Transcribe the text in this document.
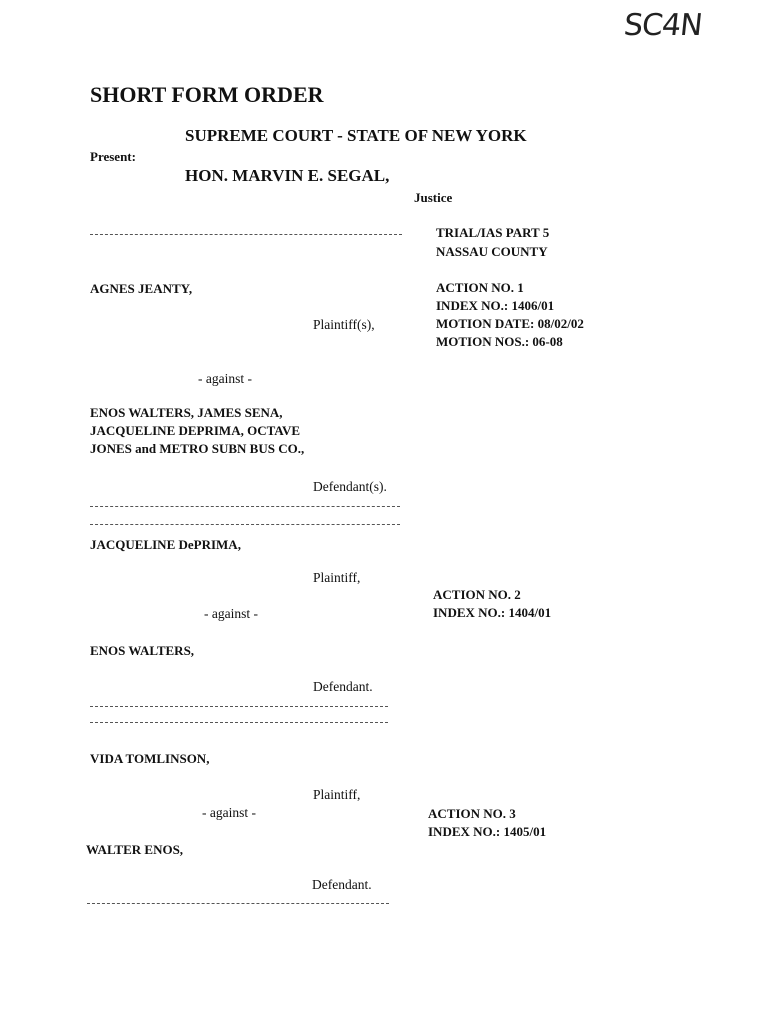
SC4N
SHORT FORM ORDER
SUPREME COURT - STATE OF NEW YORK
Present:
HON. MARVIN E. SEGAL,
Justice
TRIAL/IAS PART 5
NASSAU COUNTY
AGNES JEANTY,
Plaintiff(s),
ACTION NO. 1
INDEX NO.: 1406/01
MOTION DATE: 08/02/02
MOTION NOS.: 06-08
- against -
ENOS WALTERS, JAMES SENA,
JACQUELINE DEPRIMA, OCTAVE
JONES and METRO SUBN BUS CO.,
Defendant(s).
JACQUELINE DePRIMA,
Plaintiff,
ACTION NO. 2
INDEX NO.: 1404/01
- against -
ENOS WALTERS,
Defendant.
VIDA TOMLINSON,
Plaintiff,
- against -	ACTION NO. 3
INDEX NO.: 1405/01
WALTER ENOS,
Defendant.
